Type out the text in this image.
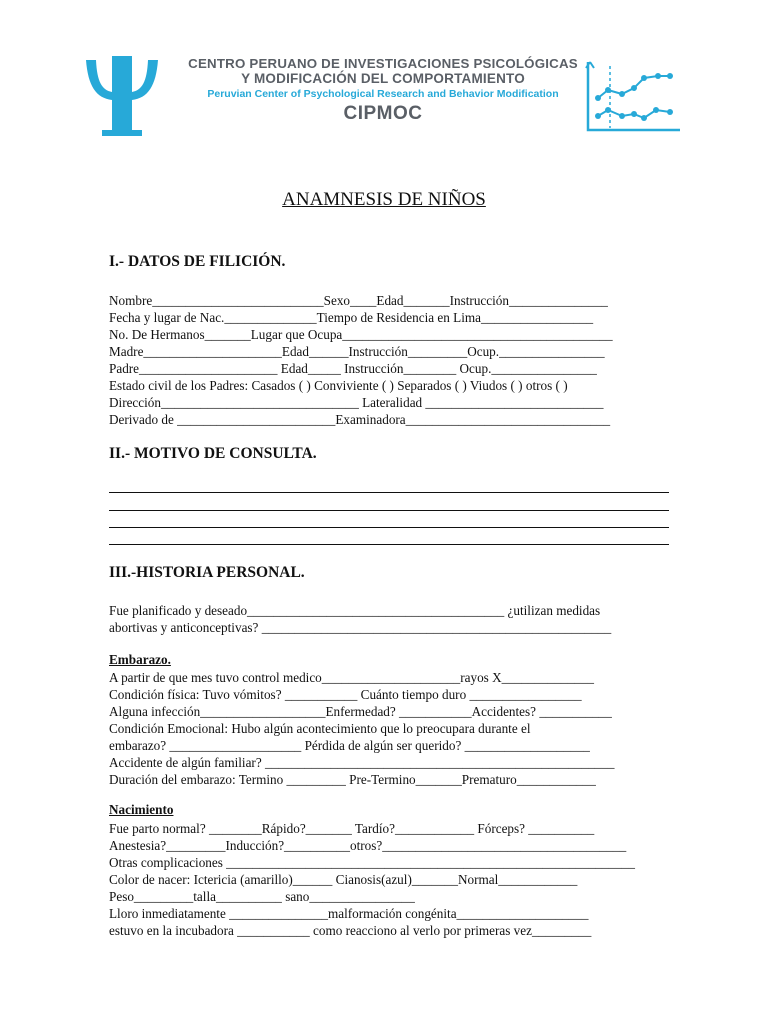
CENTRO PERUANO DE INVESTIGACIONES PSICOLÓGICAS
Y MODIFICACIÓN DEL COMPORTAMIENTO
Peruvian Center of Psychological Research and Behavior Modification
CIPMOC
ANAMNESIS DE NIÑOS
I.- DATOS DE FILICIÓN.
Nombre__________________________Sexo____Edad_______Instrucción_______________
Fecha y lugar de Nac.______________Tiempo de Residencia en Lima_________________
No. De Hermanos_______Lugar que Ocupa_________________________________________
Madre_____________________Edad______Instrucción_________Ocup.________________
Padre_____________________ Edad_____ Instrucción________ Ocup.________________
Estado civil de los Padres: Casados ( ) Conviviente ( ) Separados ( ) Viudos ( ) otros ( )
Dirección______________________________ Lateralidad ___________________________
Derivado de ________________________Examinadora_______________________________
II.- MOTIVO DE CONSULTA.
III.-HISTORIA PERSONAL.
Fue planificado y deseado_______________________________________ ¿utilizan medidas
abortivas y anticonceptivas? _____________________________________________________
Embarazo.
A partir de que mes tuvo control medico_____________________rayos X______________
Condición física: Tuvo vómitos? ___________ Cuánto tiempo duro _________________
Alguna infección___________________Enfermedad? ___________Accidentes? ___________
Condición Emocional: Hubo algún acontecimiento que lo preocupara durante el
embarazo? ____________________ Pérdida de algún ser querido? ___________________
Accidente de algún familiar? _____________________________________________________
Duración del embarazo: Termino _________ Pre-Termino_______Prematuro____________
Nacimiento
Fue parto normal? ________Rápido?_______ Tardío?____________ Fórceps? __________
Anestesia?_________Inducción?__________otros?_____________________________________
Otras complicaciones ______________________________________________________________
Color de nacer: Ictericia (amarillo)______ Cianosis(azul)_______Normal____________
Peso_________talla__________ sano________________
Lloro inmediatamente _______________malformación congénita____________________
estuvo en la incubadora ___________ como reacciono al verlo por primeras vez_________
